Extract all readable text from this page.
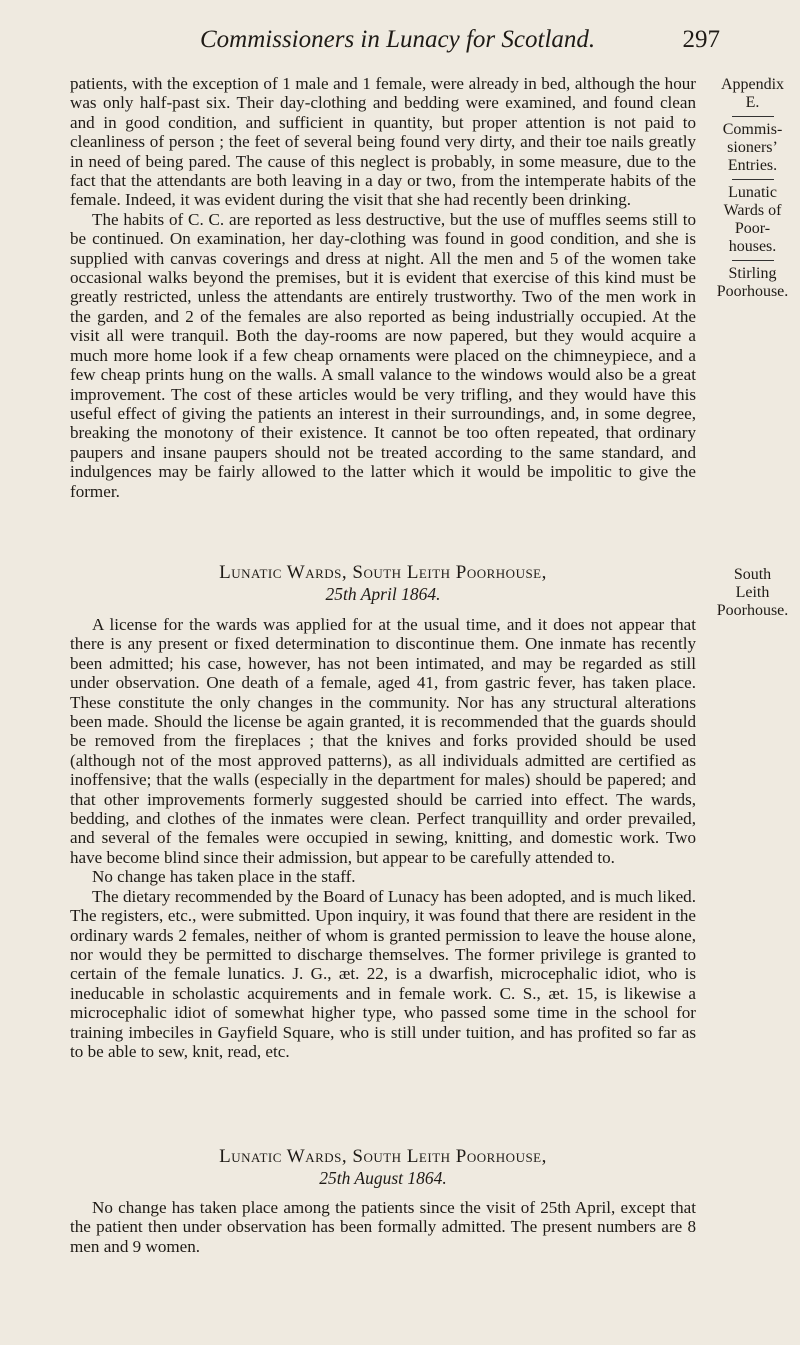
Commissioners in Lunacy for Scotland.	297

patients, with the exception of 1 male and 1 female, were already in bed, although the hour was only half-past six. Their day-clothing and bedding were examined, and found clean and in good condition, and sufficient in quantity, but proper attention is not paid to cleanliness of person ; the feet of several being found very dirty, and their toe nails greatly in need of being pared. The cause of this neglect is probably, in some measure, due to the fact that the attendants are both leaving in a day or two, from the intemperate habits of the female. Indeed, it was evident during the visit that she had recently been drinking.

The habits of C. C. are reported as less destructive, but the use of muffles seems still to be continued. On examination, her day-clothing was found in good condition, and she is supplied with canvas coverings and dress at night. All the men and 5 of the women take occasional walks beyond the premises, but it is evident that exercise of this kind must be greatly restricted, unless the attendants are entirely trustworthy. Two of the men work in the garden, and 2 of the females are also reported as being industrially occupied. At the visit all were tranquil. Both the day-rooms are now papered, but they would acquire a much more home look if a few cheap ornaments were placed on the chimneypiece, and a few cheap prints hung on the walls. A small valance to the windows would also be a great improvement. The cost of these articles would be very trifling, and they would have this useful effect of giving the patients an interest in their surroundings, and, in some degree, breaking the monotony of their existence. It cannot be too often repeated, that ordinary paupers and insane paupers should not be treated according to the same standard, and indulgences may be fairly allowed to the latter which it would be impolitic to give the former.

Lunatic Wards, South Leith Poorhouse,
25th April 1864.

A license for the wards was applied for at the usual time, and it does not appear that there is any present or fixed determination to discontinue them. One inmate has recently been admitted; his case, however, has not been intimated, and may be regarded as still under observation. One death of a female, aged 41, from gastric fever, has taken place. These constitute the only changes in the community. Nor has any structural alterations been made. Should the license be again granted, it is recommended that the guards should be removed from the fireplaces ; that the knives and forks provided should be used (although not of the most approved patterns), as all individuals admitted are certified as inoffensive; that the walls (especially in the department for males) should be papered; and that other improvements formerly suggested should be carried into effect. The wards, bedding, and clothes of the inmates were clean. Perfect tranquillity and order prevailed, and several of the females were occupied in sewing, knitting, and domestic work. Two have become blind since their admission, but appear to be carefully attended to.

No change has taken place in the staff.

The dietary recommended by the Board of Lunacy has been adopted, and is much liked. The registers, etc., were submitted. Upon inquiry, it was found that there are resident in the ordinary wards 2 females, neither of whom is granted permission to leave the house alone, nor would they be permitted to discharge themselves. The former privilege is granted to certain of the female lunatics. J. G., æt. 22, is a dwarfish, microcephalic idiot, who is ineducable in scholastic acquirements and in female work. C. S., æt. 15, is likewise a microcephalic idiot of somewhat higher type, who passed some time in the school for training imbeciles in Gayfield Square, who is still under tuition, and has profited so far as to be able to sew, knit, read, etc.

Lunatic Wards, South Leith Poorhouse,
25th August 1864.

No change has taken place among the patients since the visit of 25th April, except that the patient then under observation has been formally admitted. The present numbers are 8 men and 9 women.

Appendix
E.
Commis-
sioners’
Entries.
Lunatic
Wards of
Poor-
houses.
Stirling
Poorhouse.
South
Leith
Poorhouse.
